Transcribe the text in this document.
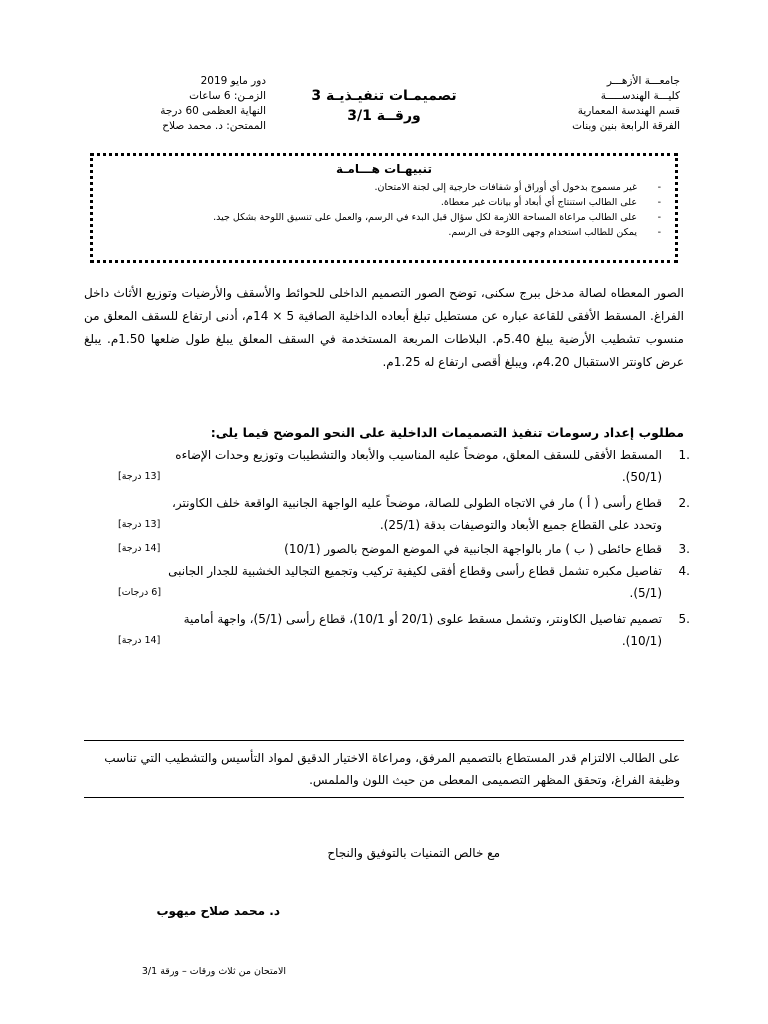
جامعـــة الأزهـــر
كليـــة الهندســـــة
قسم الهندسة المعمارية
الفرقة الرابعة بنين وبنات
تصميمـات تنفيـذيـة 3
ورقــة 3/1
دور مايو 2019
الزمـن: 6 ساعات
النهاية العظمى 60 درجة
الممتحن: د. محمد صلاح
تنبيهـات هـــامـة
-
غير مسموح بدخول أي أوراق أو شفافات خارجية إلى لجنة الامتحان.
-
على الطالب استنتاج أي أبعاد أو بيانات غير معطاة.
-
على الطالب مراعاة المساحة اللازمة لكل سؤال قبل البدء في الرسم، والعمل على تنسيق اللوحة بشكل جيد.
-
يمكن للطالب استخدام وجهى اللوحة فى الرسم.
الصور المعطاه لصالة مدخل ببرج سكنى، توضح الصور التصميم الداخلى للحوائط والأسقف والأرضيات وتوزيع الأثاث داخل الفراغ. المسقط الأفقى للقاعة عباره عن مستطيل تبلغ أبعاده الداخلية الصافية 5 × 14م، أدنى ارتفاع للسقف المعلق من منسوب تشطيب الأرضية يبلغ 5.40م. البلاطات المربعة المستخدمة في السقف المعلق يبلغ طول ضلعها 1.50م. يبلغ عرض كاونتر الاستقبال 4.20م، ويبلغ أقصى ارتفاع له 1.25م.
مطلوب إعداد رسومات تنفيذ التصميمات الداخلية على النحو الموضح فيما يلى:
1.
المسقط الأفقى للسقف المعلق، موضحاً عليه المناسيب والأبعاد والتشطيبات وتوزيع وحدات الإضاءه
(50/1).
[13 درجة]
2.
قطاع رأسى ( أ ) مار في الاتجاه الطولى للصالة، موضحاً عليه الواجهة الجانبية الواقعة خلف الكاونتر،
وتحدد على القطاع جميع الأبعاد والتوصيفات بدقة (25/1).
[13 درجة]
3.
قطاع حائطى ( ب ) مار بالواجهة الجانبية في الموضع الموضح بالصور (10/1)
[14 درجة]
4.
تفاصيل مكبره تشمل قطاع رأسى وقطاع أفقى لكيفية تركيب وتجميع التجاليد الخشبية للجدار الجانبى
(5/1).
[6 درجات]
5.
تصميم تفاصيل الكاونتر، وتشمل مسقط علوى (20/1 أو 10/1)، قطاع رأسى (5/1)، واجهة أمامية
(10/1).
[14 درجة]
على الطالب الالتزام قدر المستطاع بالتصميم المرفق، ومراعاة الاختيار الدقيق لمواد التأسيس والتشطيب التي تناسب وظيفة الفراغ، وتحقق المظهر التصميمى المعطى من حيث اللون والملمس.
مع خالص التمنيات بالتوفيق والنجاح
د. محمد صلاح ميهوب
الامتحان من ثلاث ورقات – ورقة 3/1
